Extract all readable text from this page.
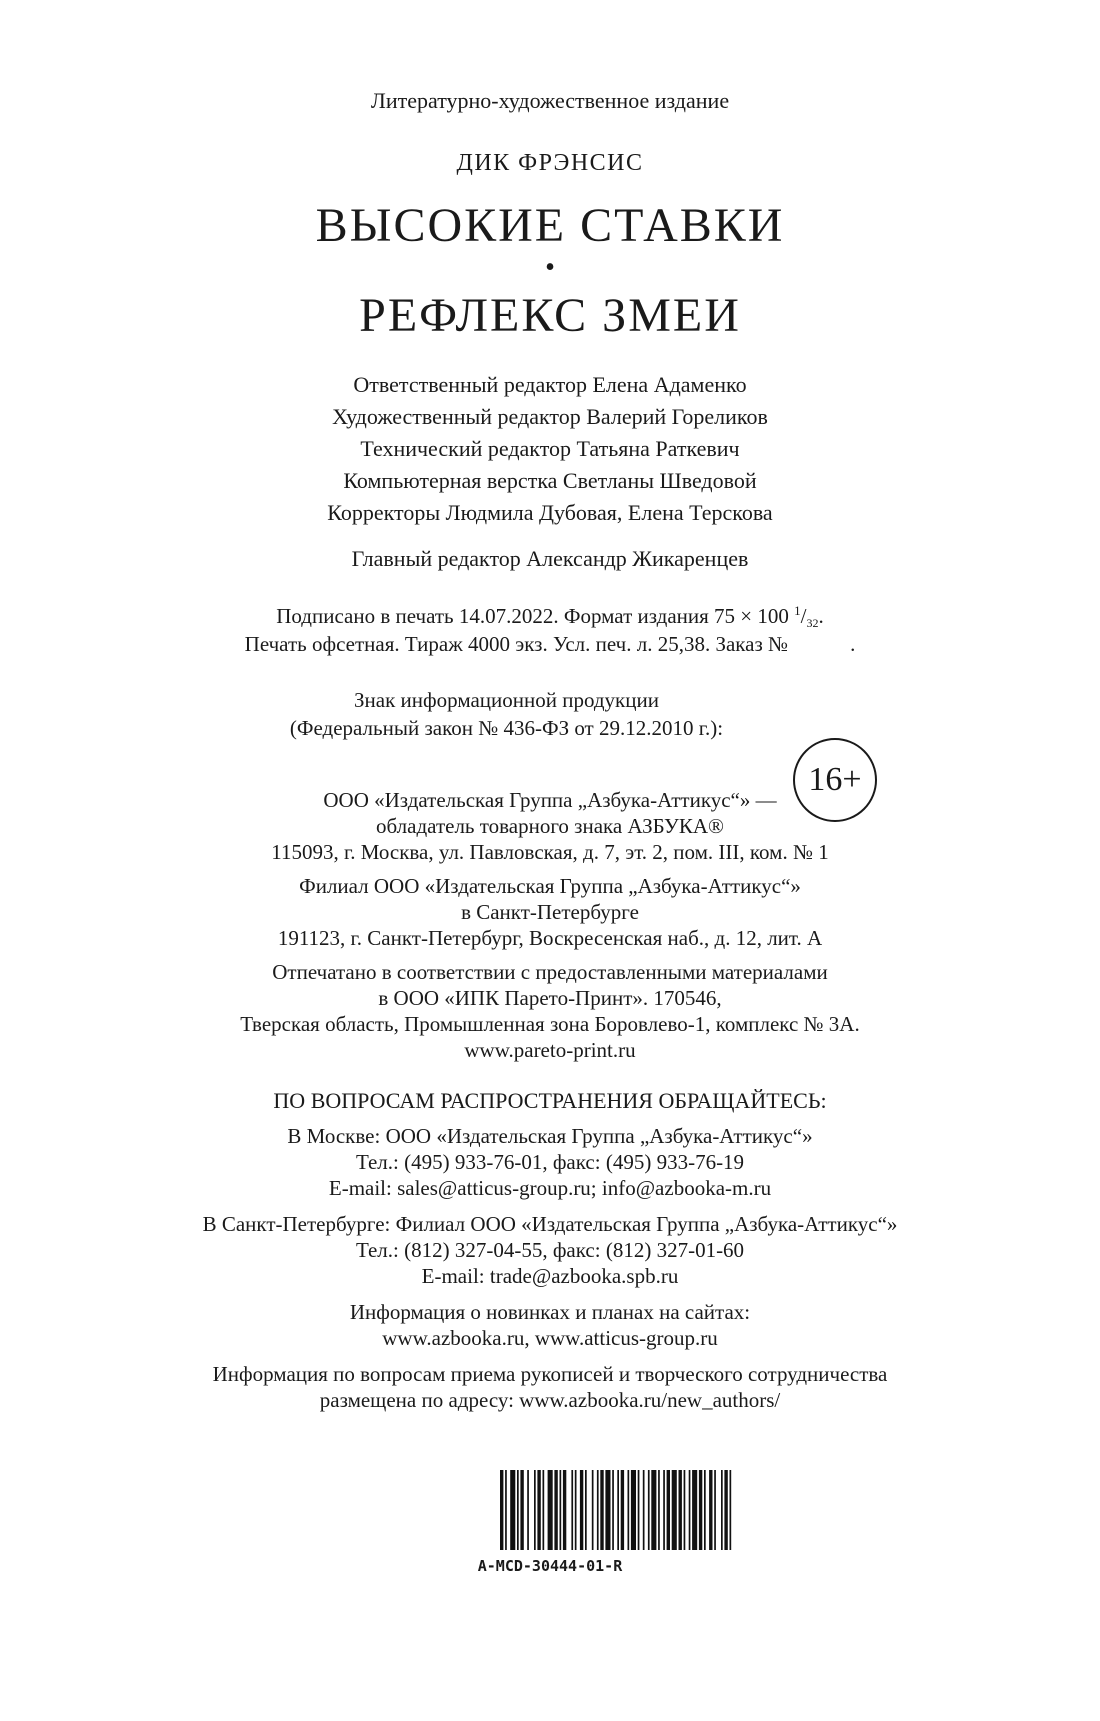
Литературно-художественное издание
ДИК ФРЭНСИС
ВЫСОКИЕ СТАВКИ
•
РЕФЛЕКС ЗМЕИ
Ответственный редактор Елена Адаменко
Художественный редактор Валерий Гореликов
Технический редактор Татьяна Раткевич
Компьютерная верстка Светланы Шведовой
Корректоры Людмила Дубовая, Елена Терскова
Главный редактор Александр Жикаренцев
Подписано в печать 14.07.2022. Формат издания 75 × 100 $^1$/32.
Печать офсетная. Тираж 4000 экз. Усл. печ. л. 25,38. Заказ №	.
Знак информационной продукции
(Федеральный закон № 436-ФЗ от 29.12.2010 г.):
16+
ООО «Издательская Группа „Азбука-Аттикус“» —
обладатель товарного знака АЗБУКА®
115093, г. Москва, ул. Павловская, д. 7, эт. 2, пом. III, ком. № 1
Филиал ООО «Издательская Группа „Азбука-Аттикус“»
в Санкт-Петербурге
191123, г. Санкт-Петербург, Воскресенская наб., д. 12, лит. А
Отпечатано в соответствии с предоставленными материалами
в ООО «ИПК Парето-Принт». 170546,
Тверская область, Промышленная зона Боровлево-1, комплекс № 3А.
www.pareto-print.ru
ПО ВОПРОСАМ РАСПРОСТРАНЕНИЯ ОБРАЩАЙТЕСЬ:
В Москве: ООО «Издательская Группа „Азбука-Аттикус“»
Тел.: (495) 933-76-01, факс: (495) 933-76-19
E-mail: sales@atticus-group.ru; info@azbooka-m.ru
В Санкт-Петербурге: Филиал ООО «Издательская Группа „Азбука-Аттикус“»
Тел.: (812) 327-04-55, факс: (812) 327-01-60
E-mail: trade@azbooka.spb.ru
Информация о новинках и планах на сайтах:
www.azbooka.ru, www.atticus-group.ru
Информация по вопросам приема рукописей и творческого сотрудничества
размещена по адресу: www.azbooka.ru/new_authors/
A-MCD-30444-01-R
